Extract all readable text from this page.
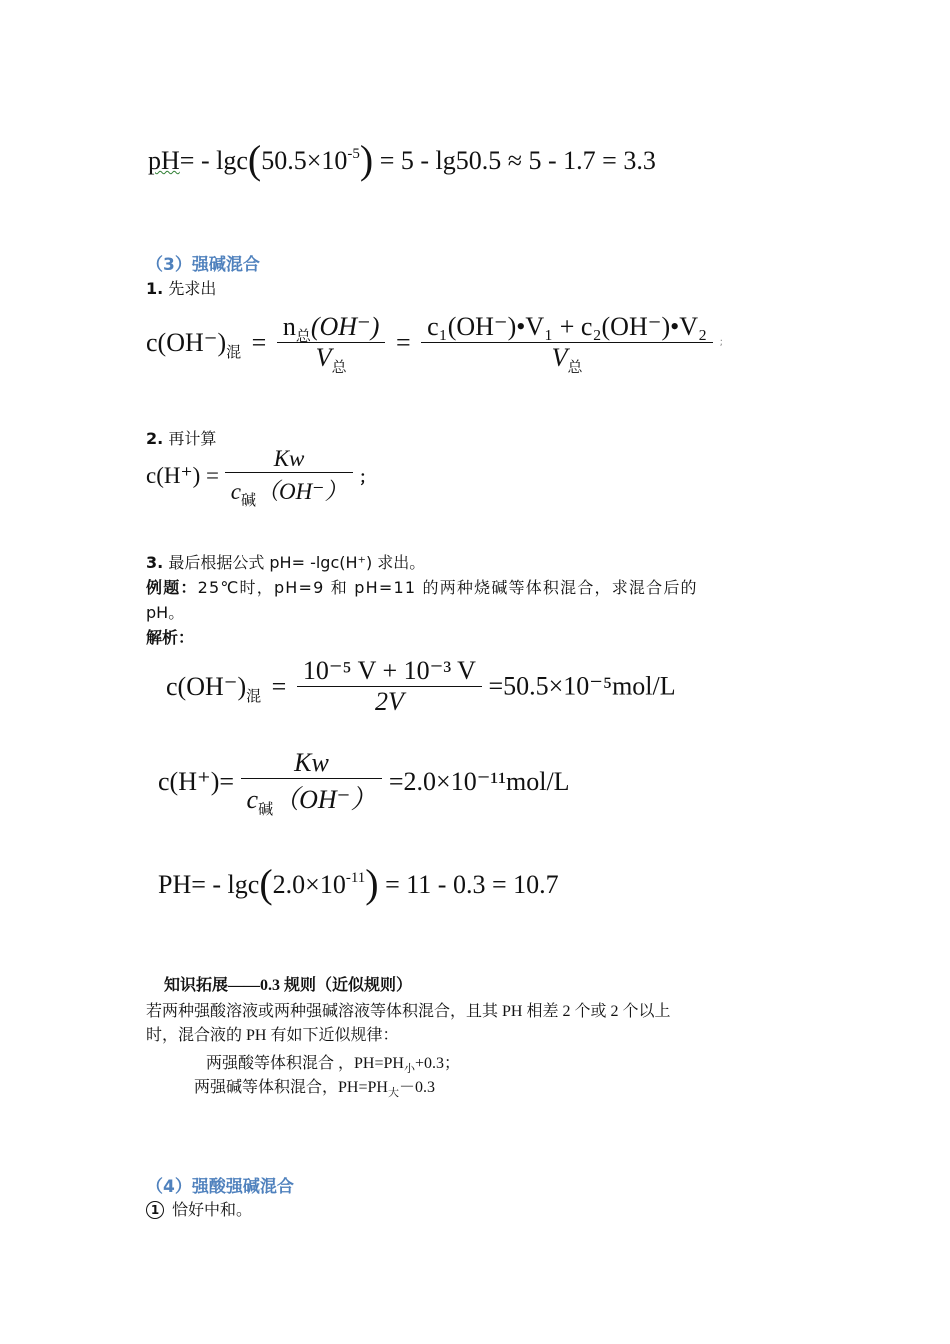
$pH= - \lg c(50.5\times 10^{-5}) = 5 - \lg 50.5 \approx 5 - 1.7 = 3.3$
（3）强碱混合
1. 先求出
$c(OH^-)_混 = \frac{n_总(OH^-)}{V_总} = \frac{\text{c₁(OH⁻)•V₁ + c₂(OH⁻)•V₂}}{V_总}$ ;
2. 再计算
$c(H^+) = \frac{Kw}{c_碱(OH^-)}$ ；
3. 最后根据公式 pH= -lgc(H⁺) 求出。
例题：25℃时，pH=9 和 pH=11 的两种烧碱等体积混合，求混合后的
pH。
解析：
$c(OH^-)_混 = \frac{\text{10⁻⁵ V + 10⁻³ V}}{2V} =50.5\times 10^{-5}mol/L$
$c(H^+)= \frac{Kw}{c_碱(OH^-)} =2.0\times 10^{-11}mol/L$
$PH= - \lg c(2.0\times 10^{-11}) = 11 - 0.3 = 10.7$
知识拓展——0.3 规则（近似规则）
若两种强酸溶液或两种强碱溶液等体积混合，且其 PH 相差 2 个或 2 个以上
时，混合液的 PH 有如下近似规律：
两强酸等体积混合 ，$PH=PH_小+0.3$；
两强碱等体积混合，$PH=PH_大-0.3$
（4）强酸强碱混合
1 恰好中和。
